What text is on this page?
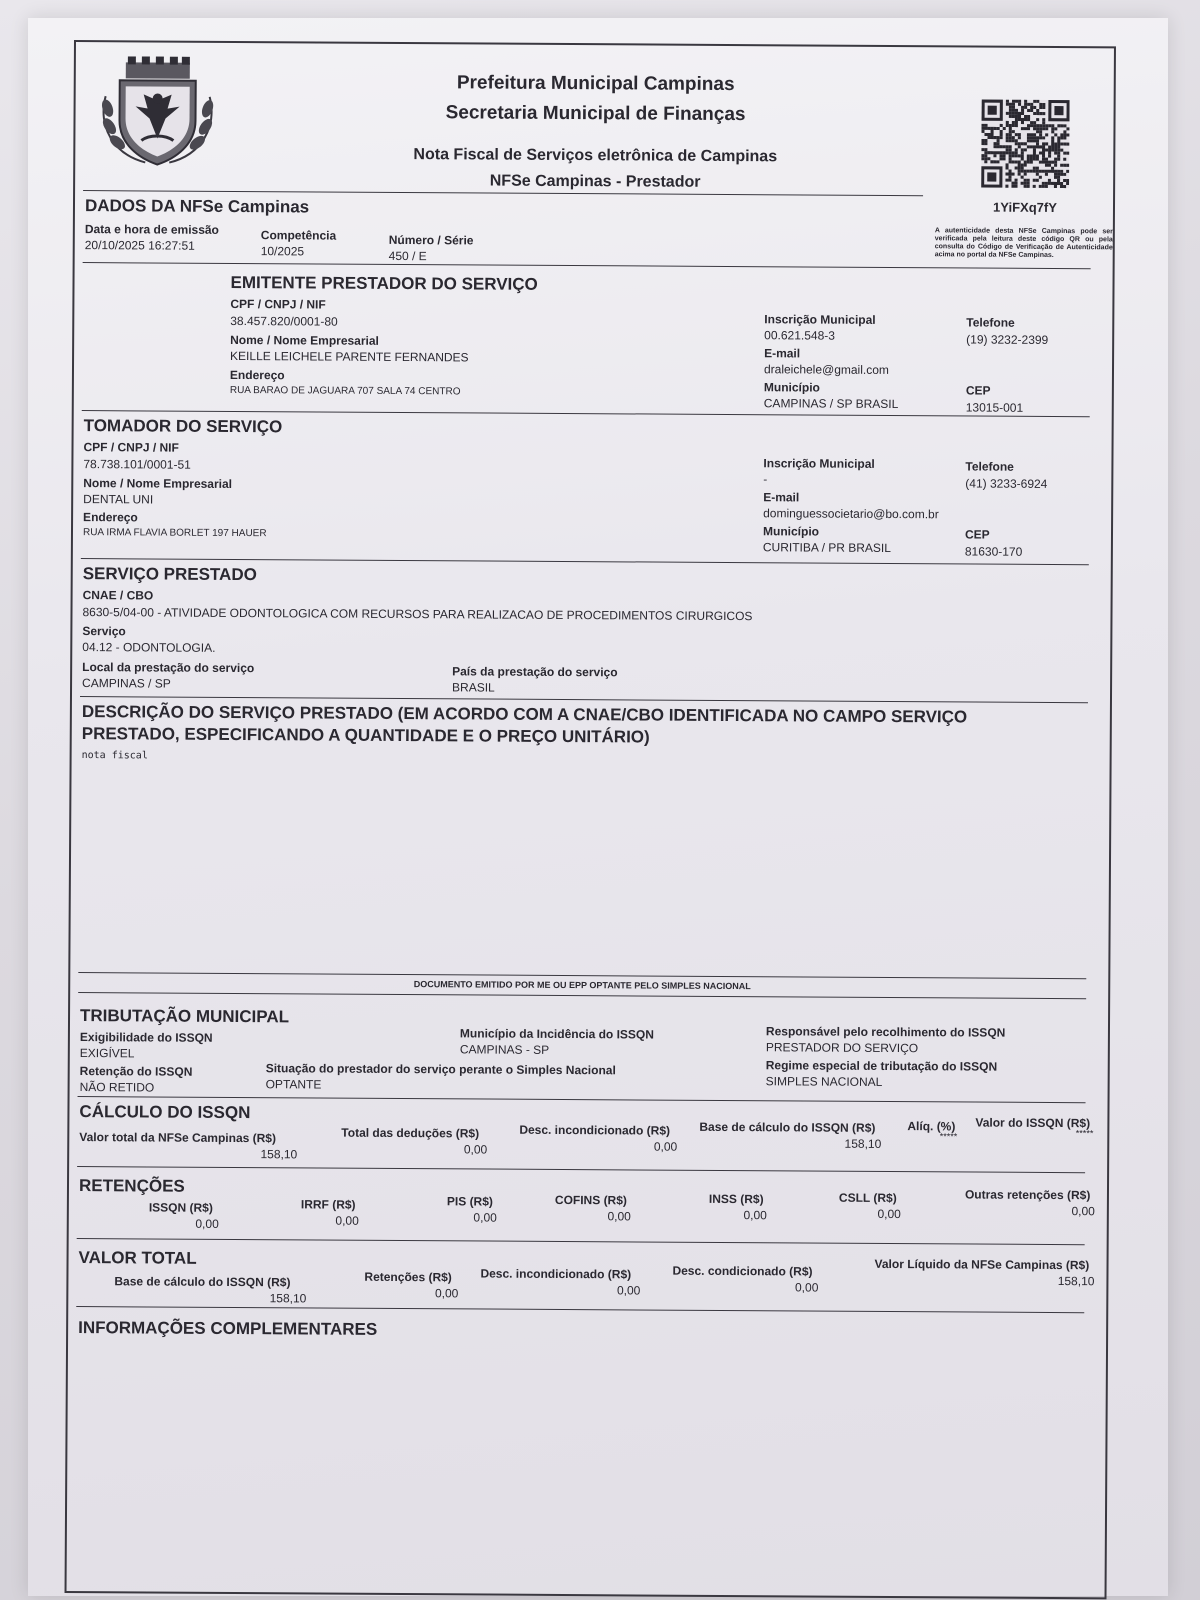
Prefeitura Municipal Campinas
Secretaria Municipal de Finanças
Nota Fiscal de Serviços eletrônica de Campinas
NFSe Campinas - Prestador
1YiFXq7fY
A autenticidade desta NFSe Campinas pode ser verificada pela leitura deste código QR ou pela consulta do Código de Verificação de Autenticidade acima no portal da NFSe Campinas.
DADOS DA NFSe Campinas
Data e hora de emissão
20/10/2025 16:27:51
Competência
10/2025
Número / Série
450 / E
EMITENTE PRESTADOR DO SERVIÇO
CPF / CNPJ / NIF
38.457.820/0001-80
Nome / Nome Empresarial
KEILLE LEICHELE PARENTE FERNANDES
Endereço
RUA BARAO DE JAGUARA 707 SALA 74 CENTRO
Inscrição Municipal
00.621.548-3
E-mail
draleichele@gmail.com
Município
CAMPINAS / SP BRASIL
Telefone
(19) 3232-2399
CEP
13015-001
TOMADOR DO SERVIÇO
CPF / CNPJ / NIF
78.738.101/0001-51
Nome / Nome Empresarial
DENTAL UNI
Endereço
RUA IRMA FLAVIA BORLET 197 HAUER
Inscrição Municipal
-
E-mail
dominguessocietario@bo.com.br
Município
CURITIBA / PR BRASIL
Telefone
(41) 3233-6924
CEP
81630-170
SERVIÇO PRESTADO
CNAE / CBO
8630-5/04-00 - ATIVIDADE ODONTOLOGICA COM RECURSOS PARA REALIZACAO DE PROCEDIMENTOS CIRURGICOS
Serviço
04.12 - ODONTOLOGIA.
Local da prestação do serviço
CAMPINAS / SP
País da prestação do serviço
BRASIL
DESCRIÇÃO DO SERVIÇO PRESTADO (EM ACORDO COM A CNAE/CBO IDENTIFICADA NO CAMPO SERVIÇO
PRESTADO, ESPECIFICANDO A QUANTIDADE E O PREÇO UNITÁRIO)
nota fiscal
DOCUMENTO EMITIDO POR ME OU EPP OPTANTE PELO SIMPLES NACIONAL
TRIBUTAÇÃO MUNICIPAL
Exigibilidade do ISSQN
EXIGÍVEL
Retenção do ISSQN
NÃO RETIDO
Situação do prestador do serviço perante o Simples Nacional
OPTANTE
Município da Incidência do ISSQN
CAMPINAS - SP
Responsável pelo recolhimento do ISSQN
PRESTADOR DO SERVIÇO
Regime especial de tributação do ISSQN
SIMPLES NACIONAL
CÁLCULO DO ISSQN
Valor total da NFSe Campinas (R$)
158,10
Total das deduções (R$)
0,00
Desc. incondicionado (R$)
0,00
Base de cálculo do ISSQN (R$)
158,10
Alíq. (%)
*****
Valor do ISSQN (R$)
*****
RETENÇÕES
ISSQN (R$)
0,00
IRRF (R$)
0,00
PIS (R$)
0,00
COFINS (R$)
0,00
INSS (R$)
0,00
CSLL (R$)
0,00
Outras retenções (R$)
0,00
VALOR TOTAL
Base de cálculo do ISSQN (R$)
158,10
Retenções (R$)
0,00
Desc. incondicionado (R$)
0,00
Desc. condicionado (R$)
0,00
Valor Líquido da NFSe Campinas (R$)
158,10
INFORMAÇÕES COMPLEMENTARES
